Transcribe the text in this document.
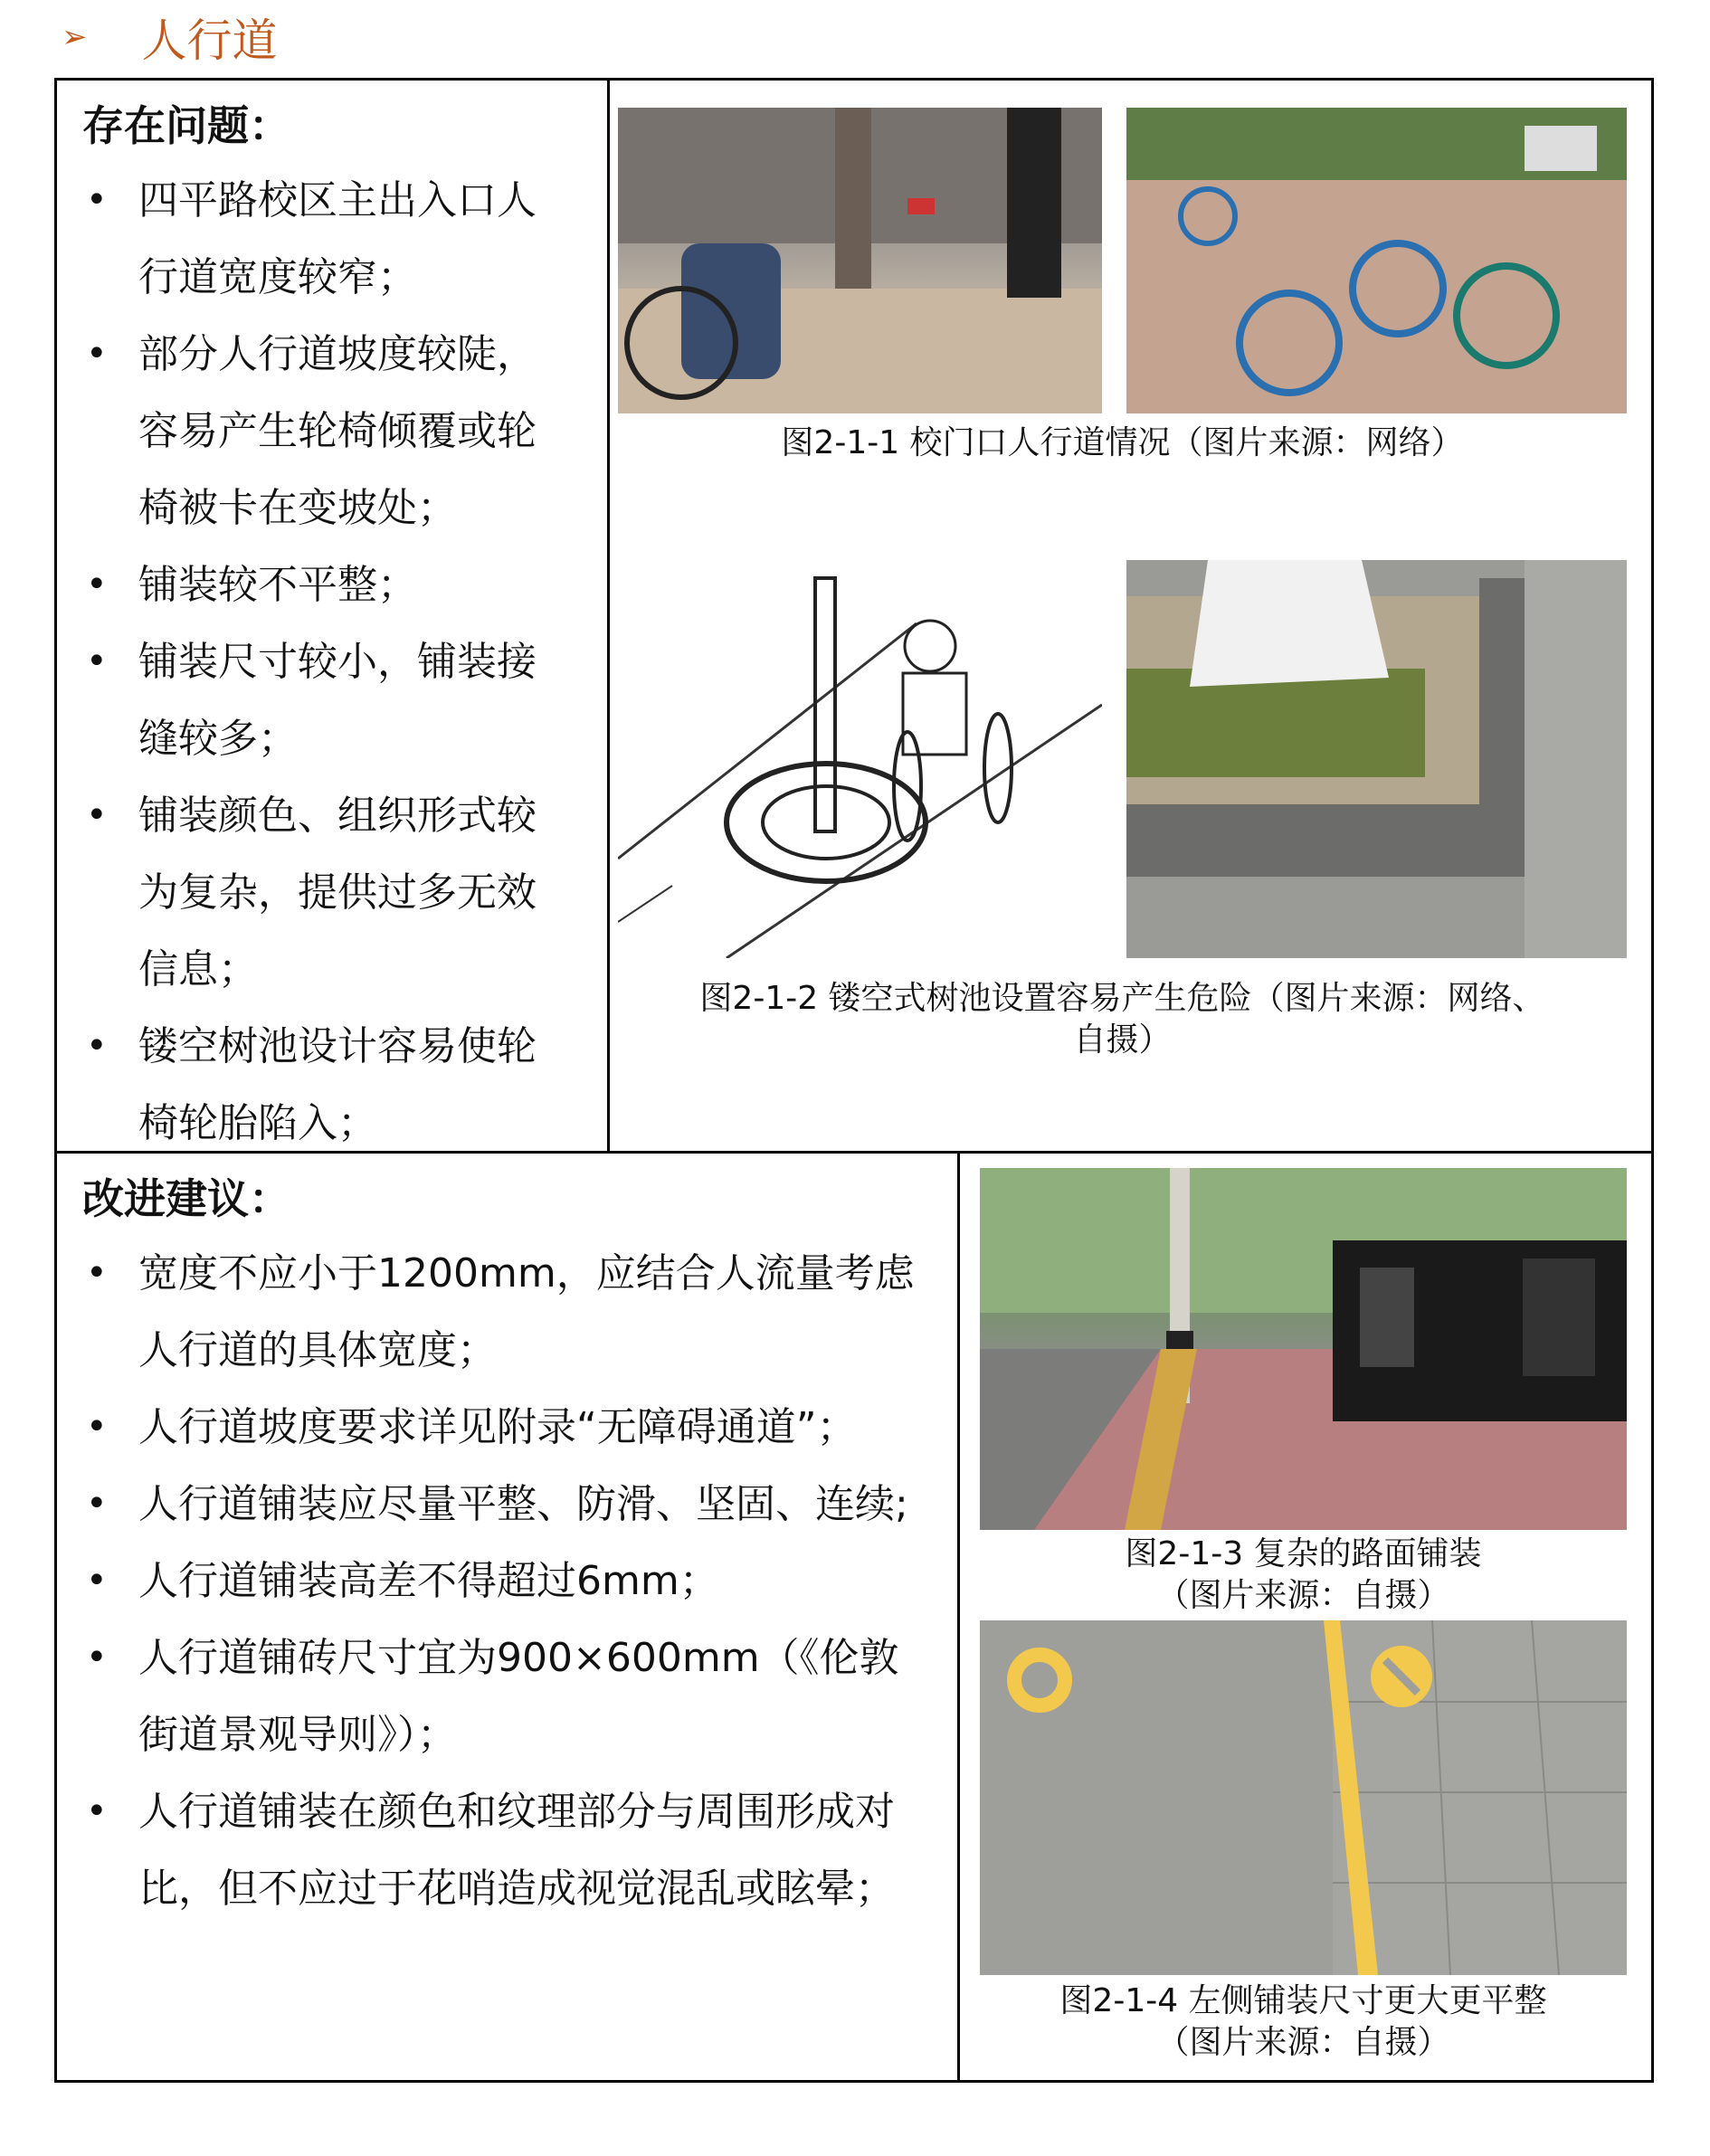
➢ 人行道
存在问题：
• 四平路校区主出入口人行道宽度较窄；
• 部分人行道坡度较陡，容易产生轮椅倾覆或轮椅被卡在变坡处；
• 铺装较不平整；
• 铺装尺寸较小，铺装接缝较多；
• 铺装颜色、组织形式较为复杂，提供过多无效信息；
• 镂空树池设计容易使轮椅轮胎陷入；
图2-1-1 校门口人行道情况（图片来源：网络）
图2-1-2 镂空式树池设置容易产生危险（图片来源：网络、
自摄）
改进建议：
• 宽度不应小于1200mm，应结合人流量考虑人行道的具体宽度；
• 人行道坡度要求详见附录“无障碍通道”；
• 人行道铺装应尽量平整、防滑、坚固、连续;
• 人行道铺装高差不得超过6mm；
• 人行道铺砖尺寸宜为900×600mm（《伦敦街道景观导则》）；
• 人行道铺装在颜色和纹理部分与周围形成对比，但不应过于花哨造成视觉混乱或眩晕；
图2-1-3 复杂的路面铺装
（图片来源：自摄）
图2-1-4 左侧铺装尺寸更大更平整
（图片来源：自摄）
